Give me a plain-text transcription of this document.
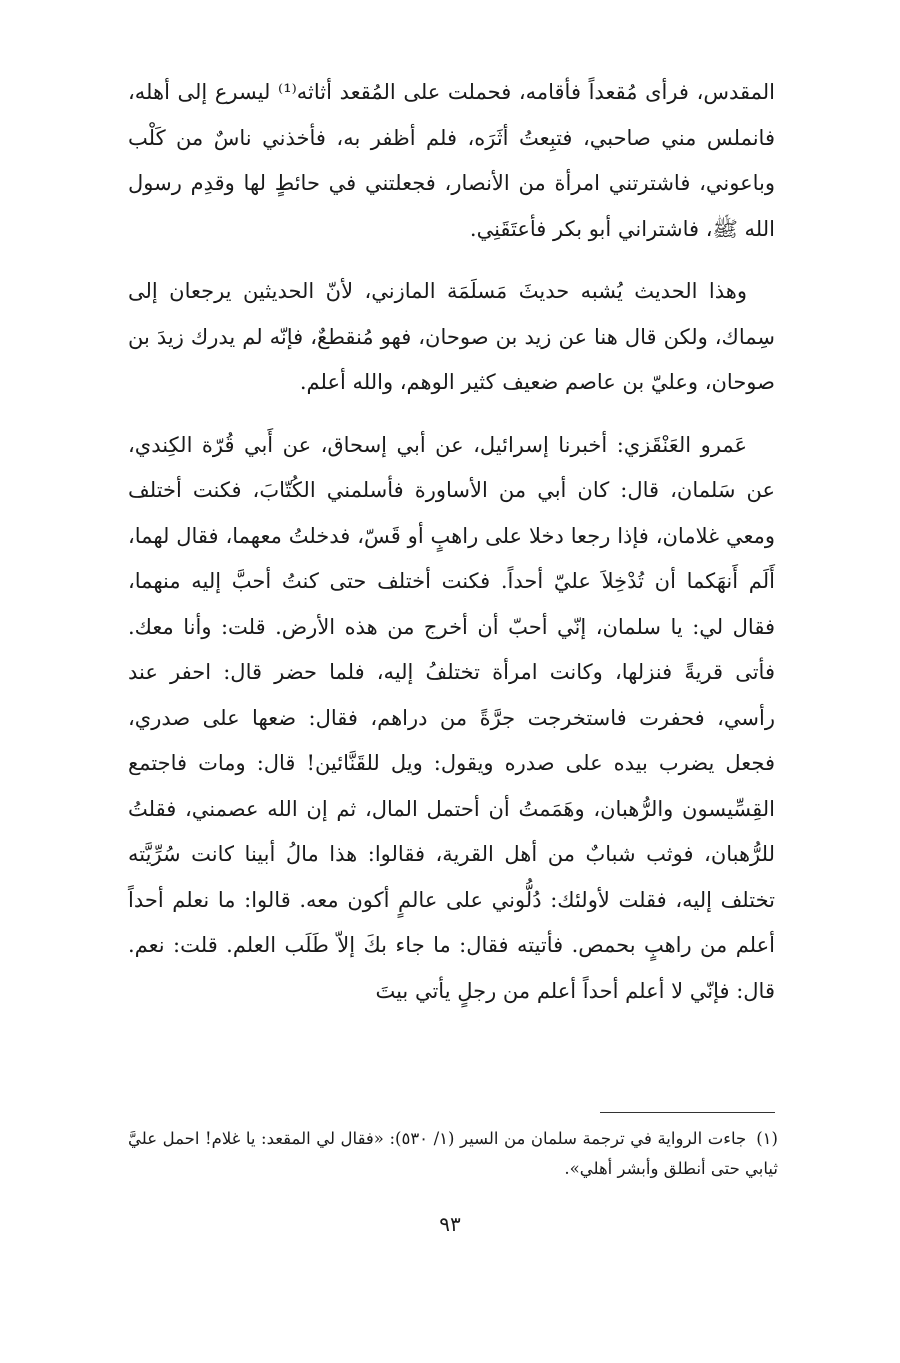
المقدس، فرأى مُقعداً فأقامه، فحملت على المُقعد أثاثه⁽¹⁾ ليسرع إلى أهله، فانملس مني صاحبي، فتبِعتُ أثَرَه، فلم أظفر به، فأخذني ناسٌ من كَلْب وباعوني، فاشترتني امرأة من الأنصار، فجعلتني في حائطٍ لها وقدِم رسول الله ﷺ، فاشتراني أبو بكر فأعتَقَنِي.

وهذا الحديث يُشبه حديثَ مَسلَمَة المازني، لأنّ الحديثين يرجعان إلى سِماك، ولكن قال هنا عن زيد بن صوحان، فهو مُنقطعٌ، فإنّه لم يدرك زيدَ بن صوحان، وعليّ بن عاصم ضعيف كثير الوهم، والله أعلم.

عَمرو العَنْقَزي: أخبرنا إسرائيل، عن أبي إسحاق، عن أَبي قُرّة الكِندي، عن سَلمان، قال: كان أبي من الأساورة فأسلمني الكُتّابَ، فكنت أختلف ومعي غلامان، فإذا رجعا دخلا على راهبٍ أو قَسّ، فدخلتُ معهما، فقال لهما، أَلَم أَنهَكما أن تُدْخِلاَ عليّ أحداً. فكنت أختلف حتى كنتُ أحبَّ إليه منهما، فقال لي: يا سلمان، إنّي أحبّ أن أخرج من هذه الأرض. قلت: وأنا معك. فأتى قريةً فنزلها، وكانت امرأة تختلفُ إليه، فلما حضر قال: احفر عند رأسي، فحفرت فاستخرجت جرَّةً من دراهم، فقال: ضعها على صدري، فجعل يضرب بيده على صدره ويقول: ويل للقَنَّائين! قال: ومات فاجتمع القِسِّيسون والرُّهبان، وهَمَمتُ أن أحتمل المال، ثم إن الله عصمني، فقلتُ للرُّهبان، فوثب شبابٌ من أهل القرية، فقالوا: هذا مالُ أبينا كانت سُرِّيَّته تختلف إليه، فقلت لأولئك: دُلُّوني على عالمٍ أكون معه. قالوا: ما نعلم أحداً أعلم من راهبٍ بحمص. فأتيته فقال: ما جاء بكَ إلاّ طَلَب العلم. قلت: نعم. قال: فإنّي لا أعلم أحداً أعلم من رجلٍ يأتي بيتَ

(١)جاءت الرواية في ترجمة سلمان من السير (١/ ٥٣٠): «فقال لي المقعد: يا غلام! احمل عليَّ ثيابي حتى أنطلق وأبشر أهلي».
٩٣
